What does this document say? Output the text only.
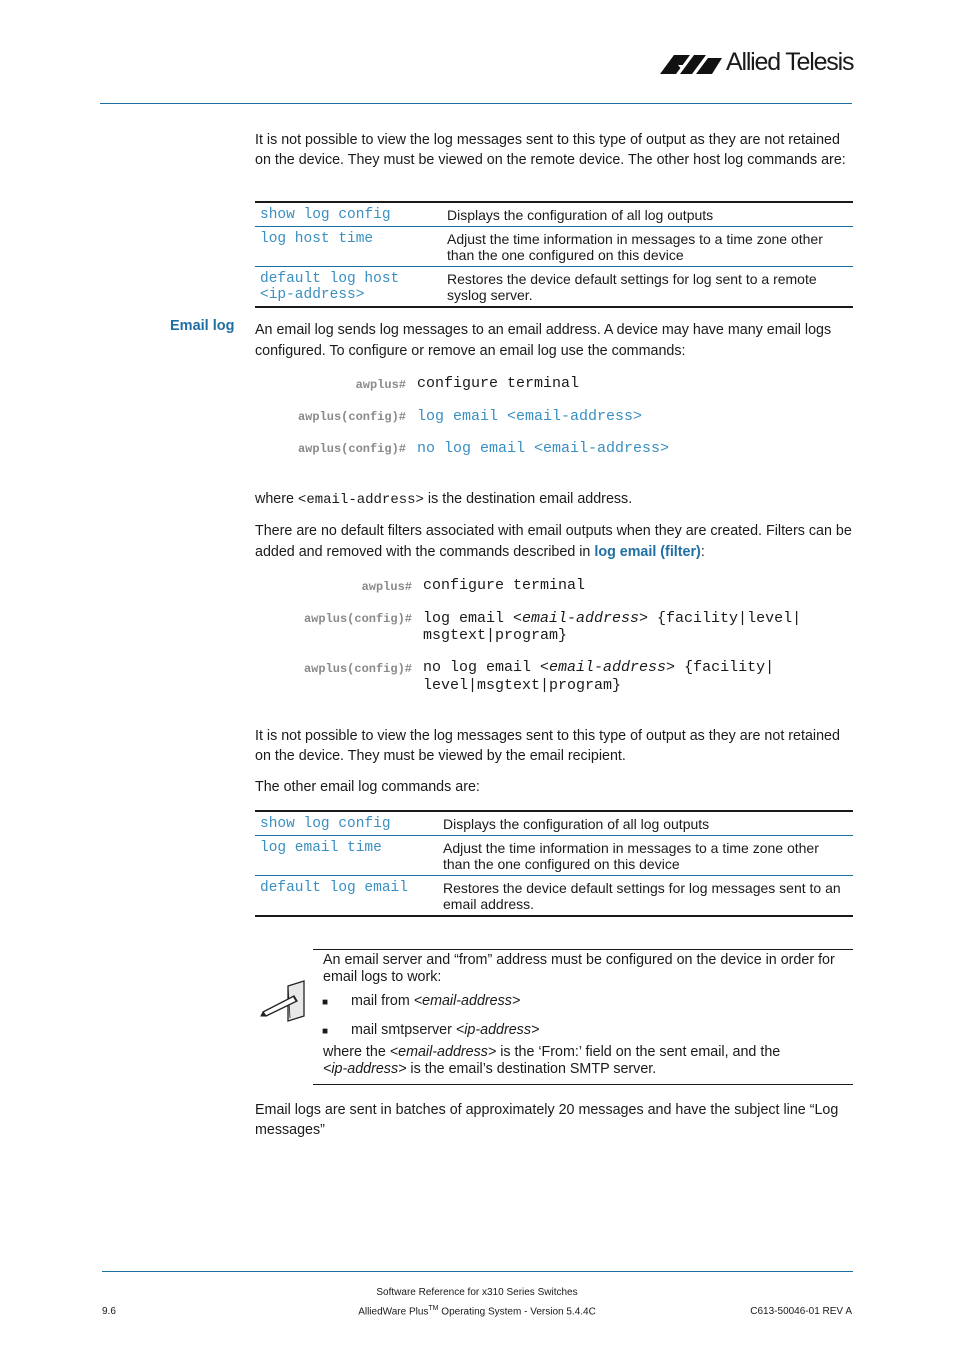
Allied Telesis
It is not possible to view the log messages sent to this type of output as they are not retained on the device. They must be viewed on the remote device. The other host log commands are:
show log config	Displays the configuration of all log outputs
log host time	Adjust the time information in messages to a time zone other than the one configured on this device
default log host <ip-address>	Restores the device default settings for log sent to a remote syslog server.
Email log An email log sends log messages to an email address. A device may have many email logs configured. To configure or remove an email log use the commands:
awplus# configure terminal
awplus(config)# log email <email-address>
awplus(config)# no log email <email-address>
where <email-address> is the destination email address.
There are no default filters associated with email outputs when they are created. Filters can be added and removed with the commands described in log email (filter):
awplus# configure terminal
awplus(config)# log email <email-address> {facility|level|
msgtext|program}
awplus(config)# no log email <email-address> {facility|
level|msgtext|program}
It is not possible to view the log messages sent to this type of output as they are not retained on the device. They must be viewed by the email recipient.
The other email log commands are:
show log config	Displays the configuration of all log outputs
log email time	Adjust the time information in messages to a time zone other than the one configured on this device
default log email	Restores the device default settings for log messages sent to an email address.
An email server and “from” address must be configured on the device in order for email logs to work:
■ mail from <email-address>
■ mail smtpserver <ip-address>
where the <email-address> is the ‘From:’ field on the sent email, and the
<ip-address> is the email’s destination SMTP server.
Email logs are sent in batches of approximately 20 messages and have the subject line “Log messages”
Software Reference for x310 Series Switches
AlliedWare Plus™ Operating System - Version 5.4.4C
9.6	C613-50046-01 REV A
